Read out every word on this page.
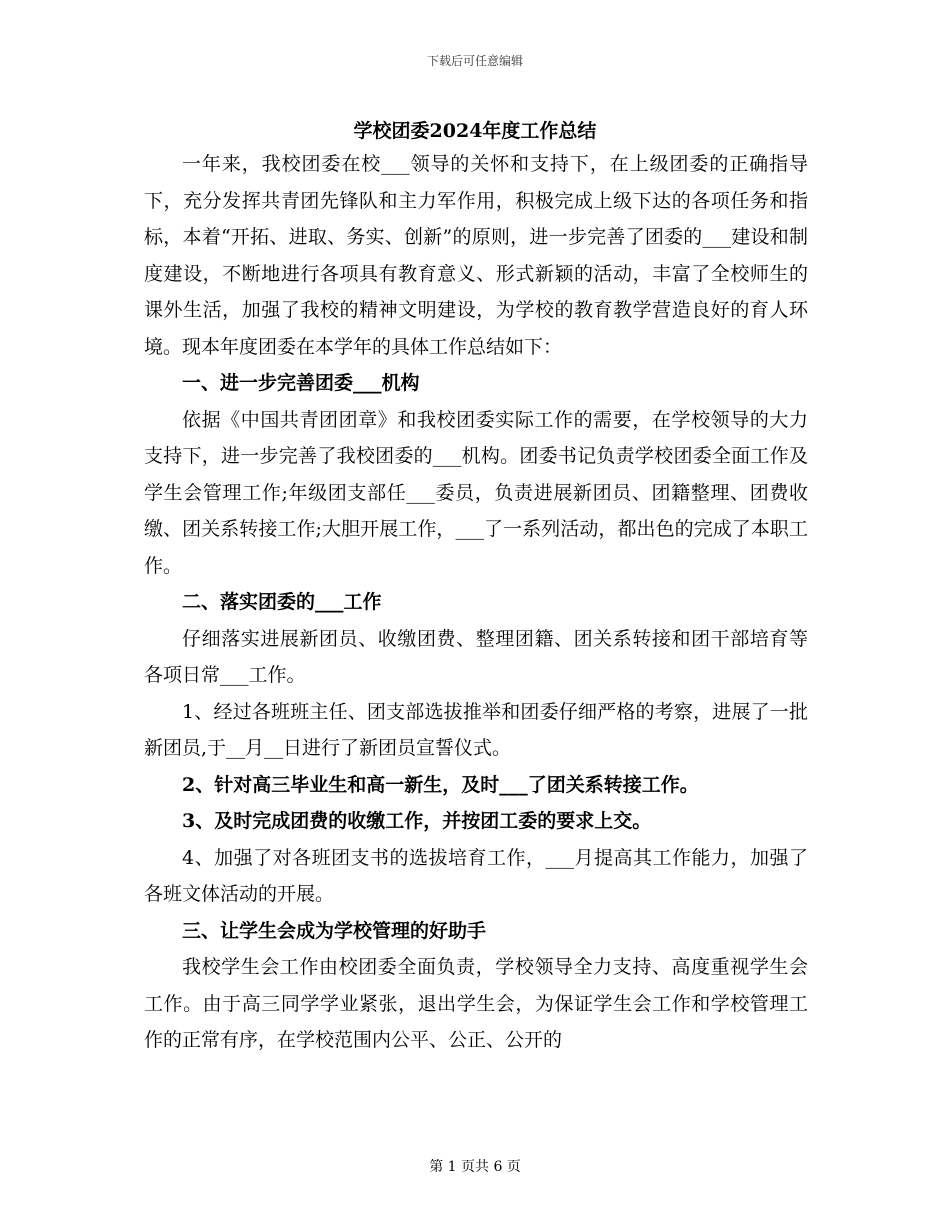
下载后可任意编辑
学校团委2024年度工作总结

一年来，我校团委在校___领导的关怀和支持下，在上级团委的正确指导下，充分发挥共青团先锋队和主力军作用，积极完成上级下达的各项任务和指标，本着“开拓、进取、务实、创新”的原则，进一步完善了团委的___建设和制度建设，不断地进行各项具有教育意义、形式新颖的活动，丰富了全校师生的课外生活，加强了我校的精神文明建设，为学校的教育教学营造良好的育人环境。现本年度团委在本学年的具体工作总结如下：

一、进一步完善团委___机构

依据《中国共青团团章》和我校团委实际工作的需要，在学校领导的大力支持下，进一步完善了我校团委的___机构。团委书记负责学校团委全面工作及学生会管理工作;年级团支部任___委员，负责进展新团员、团籍整理、团费收缴、团关系转接工作;大胆开展工作，___了一系列活动，都出色的完成了本职工作。

二、落实团委的___工作

仔细落实进展新团员、收缴团费、整理团籍、团关系转接和团干部培育等各项日常___工作。

1、经过各班班主任、团支部选拔推举和团委仔细严格的考察，进展了一批新团员,于__月__日进行了新团员宣誓仪式。

2、针对高三毕业生和高一新生，及时___了团关系转接工作。

3、及时完成团费的收缴工作，并按团工委的要求上交。

4、加强了对各班团支书的选拔培育工作，___月提高其工作能力，加强了各班文体活动的开展。

三、让学生会成为学校管理的好助手

我校学生会工作由校团委全面负责，学校领导全力支持、高度重视学生会工作。由于高三同学学业紧张，退出学生会，为保证学生会工作和学校管理工作的正常有序，在学校范围内公平、公正、公开的

第 1 页共 6 页
